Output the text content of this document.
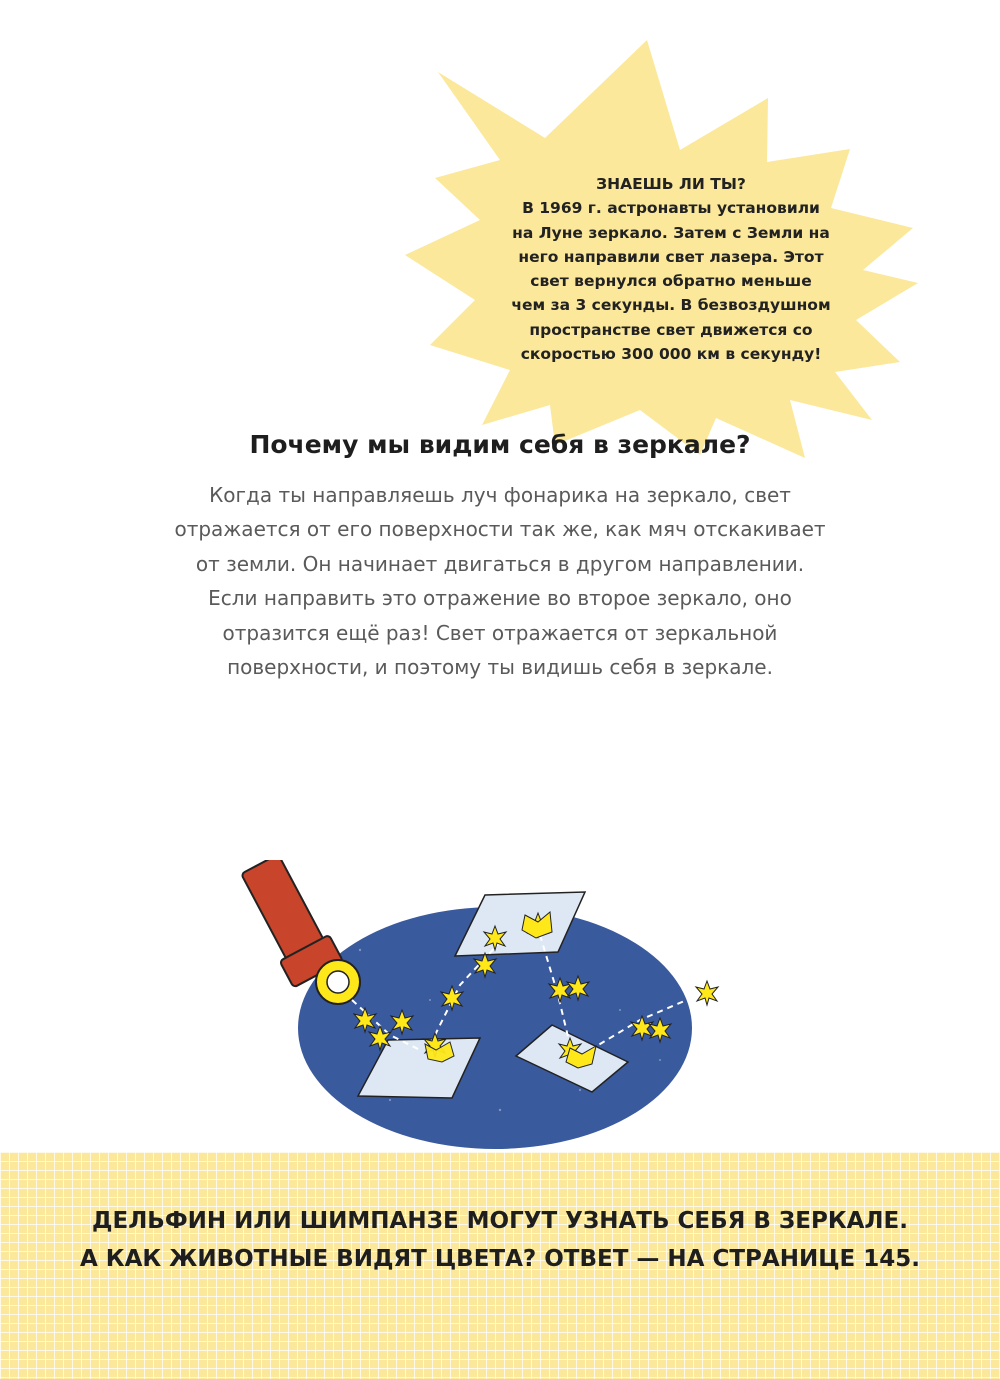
ЗНАЕШЬ ЛИ ТЫ?
В 1969 г. астронавты установили
на Луне зеркало. Затем с Земли на
него направили свет лазера. Этот
свет вернулся обратно меньше
чем за 3 секунды. В безвоздушном
пространстве свет движется со
скоростью 300 000 км в секунду!
Почему мы видим себя в зеркале?
Когда ты направляешь луч фонарика на зеркало, свет
отражается от его поверхности так же, как мяч отскакивает
от земли. Он начинает двигаться в другом направлении.
Если направить это отражение во второе зеркало, оно
отразится ещё раз! Свет отражается от зеркальной
поверхности, и поэтому ты видишь себя в зеркале.
ДЕЛЬФИН ИЛИ ШИМПАНЗЕ МОГУТ УЗНАТЬ СЕБЯ В ЗЕРКАЛЕ.
А КАК ЖИВОТНЫЕ ВИДЯТ ЦВЕТА? ОТВЕТ — НА СТРАНИЦЕ 145.
